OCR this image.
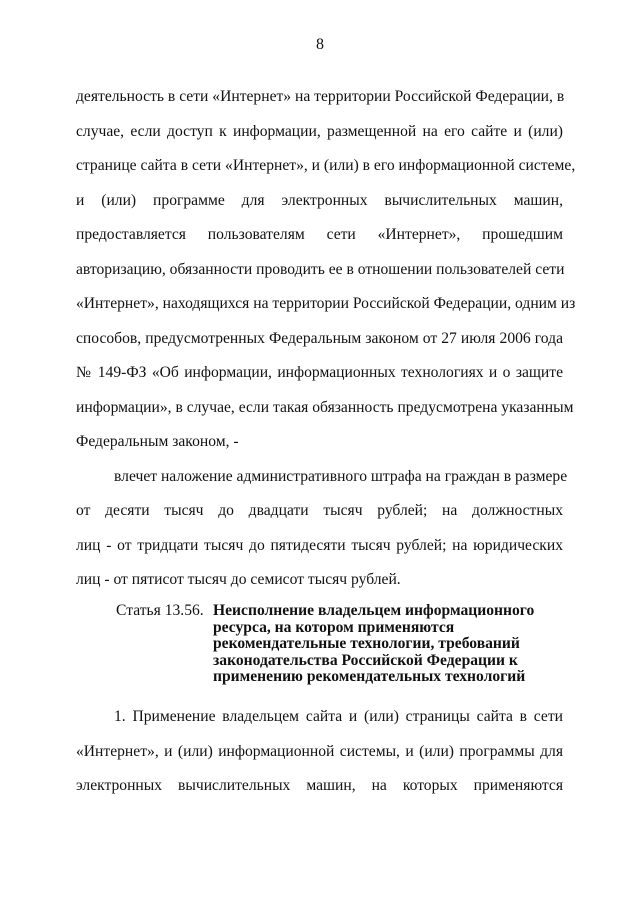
8

деятельность в сети «Интернет» на территории Российской Федерации, в
случае, если доступ к информации, размещенной на его сайте и (или)
странице сайта в сети «Интернет», и (или) в его информационной системе,
и (или) программе для электронных вычислительных машин,
предоставляется пользователям сети «Интернет», прошедшим
авторизацию, обязанности проводить ее в отношении пользователей сети
«Интернет», находящихся на территории Российской Федерации, одним из
способов, предусмотренных Федеральным законом от 27 июля 2006 года
№ 149-ФЗ «Об информации, информационных технологиях и о защите
информации», в случае, если такая обязанность предусмотрена указанным
Федеральным законом, -

влечет наложение административного штрафа на граждан в размере
от десяти тысяч до двадцати тысяч рублей; на должностных
лиц - от тридцати тысяч до пятидесяти тысяч рублей; на юридических
лиц - от пятисот тысяч до семисот тысяч рублей.

Статья 13.56. Неисполнение владельцем информационного
ресурса, на котором применяются
рекомендательные технологии, требований
законодательства Российской Федерации к
применению рекомендательных технологий

1. Применение владельцем сайта и (или) страницы сайта в сети
«Интернет», и (или) информационной системы, и (или) программы для
электронных вычислительных машин, на которых применяются
